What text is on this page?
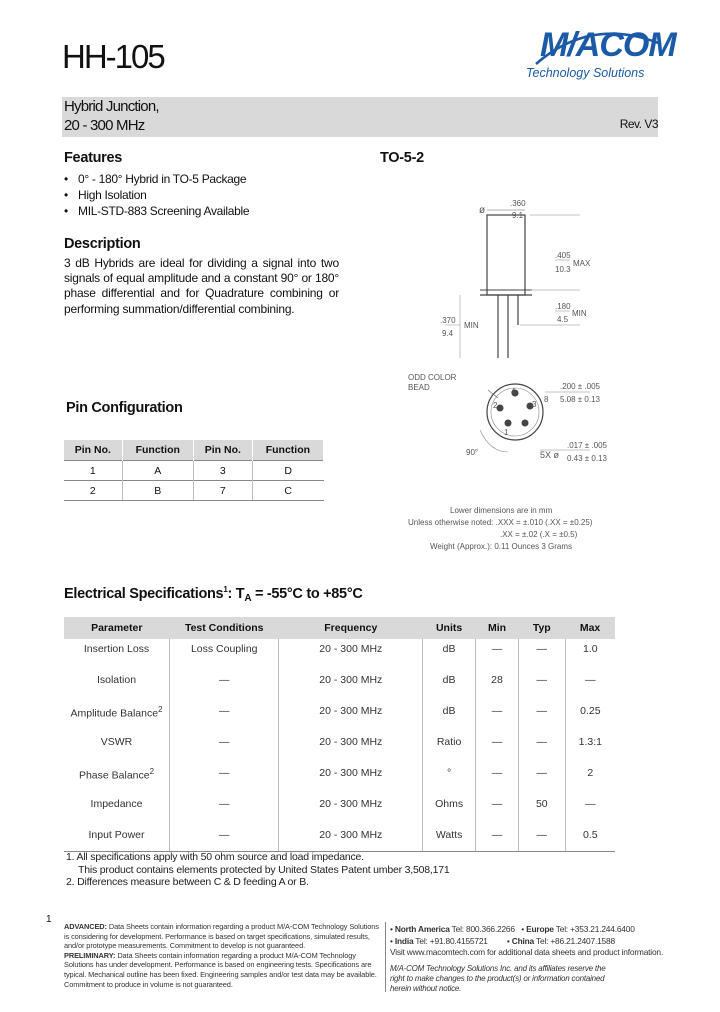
HH-105	M/ACOM
Technology Solutions
Hybrid Junction,
20 - 300 MHz	Rev. V3
Features
• 0° - 180° Hybrid in TO-5 Package
• High Isolation
• MIL-STD-883 Screening Available
Description
3 dB Hybrids are ideal for dividing a signal into two signals of equal amplitude and a constant 90° or 180° phase differential and for Quadrature combining or performing summation/differential combining.
TO-5-2
ø
.360
9.1
.405
10.3
MAX
.180
4.5
MIN
.370
9.4
MIN
ODD COLOR
BEAD	4
2	3
1
8
.200 ± .005
5.08 ± 0.13
5X ø
.017 ± .005
0.43 ± 0.13
90°
Lower dimensions are in mm
Unless otherwise noted: .XXX = ±.010 (.XX = ±0.25)
.XX = ±.02 (.X = ±0.5)
Weight (Approx.): 0.11 Ounces 3 Grams
Pin Configuration
Pin No.	Function	Pin No.	Function
1	A	3	D
2	B	7	C
Electrical Specifications$^1$: $T_A = -55^\circ C$ to +85°C
Parameter	Test Conditions	Frequency	Units	Min	Typ	Max
Insertion Loss	Loss Coupling	20 - 300 MHz	dB	—	—	1.0
Isolation	—	20 - 300 MHz	dB	28	—	—
Amplitude Balance$^2$	—	20 - 300 MHz	dB	—	—	0.25
VSWR	—	20 - 300 MHz	Ratio	—	—	1.3:1
Phase Balance$^2$	—	20 - 300 MHz	°	—	—	2
Impedance	—	20 - 300 MHz	Ohms	—	50	—
Input Power	—	20 - 300 MHz	Watts	—	—	0.5
1. All specifications apply with 50 ohm source and load impedance.
This product contains elements protected by United States Patent umber 3,508,171
2. Differences measure between C & D feeding A or B.
1
ADVANCED: Data Sheets contain information regarding a product M/A-COM Technology Solutions is considering for development. Performance is based on target specifications, simulated results, and/or prototype measurements. Commitment to develop is not guaranteed.
PRELIMINARY: Data Sheets contain information regarding a product M/A-COM Technology Solutions has under development. Performance is based on engineering tests. Specifications are typical. Mechanical outline has been fixed. Engineering samples and/or test data may be available. Commitment to produce in volume is not guaranteed.
• North America Tel: 800.366.2266   • Europe Tel: +353.21.244.6400
• India Tel: +91.80.4155721         • China Tel: +86.21.2407.1588
Visit www.macomtech.com for additional data sheets and product information.
M/A-COM Technology Solutions Inc. and its affiliates reserve the right to make changes to the product(s) or information contained herein without notice.
